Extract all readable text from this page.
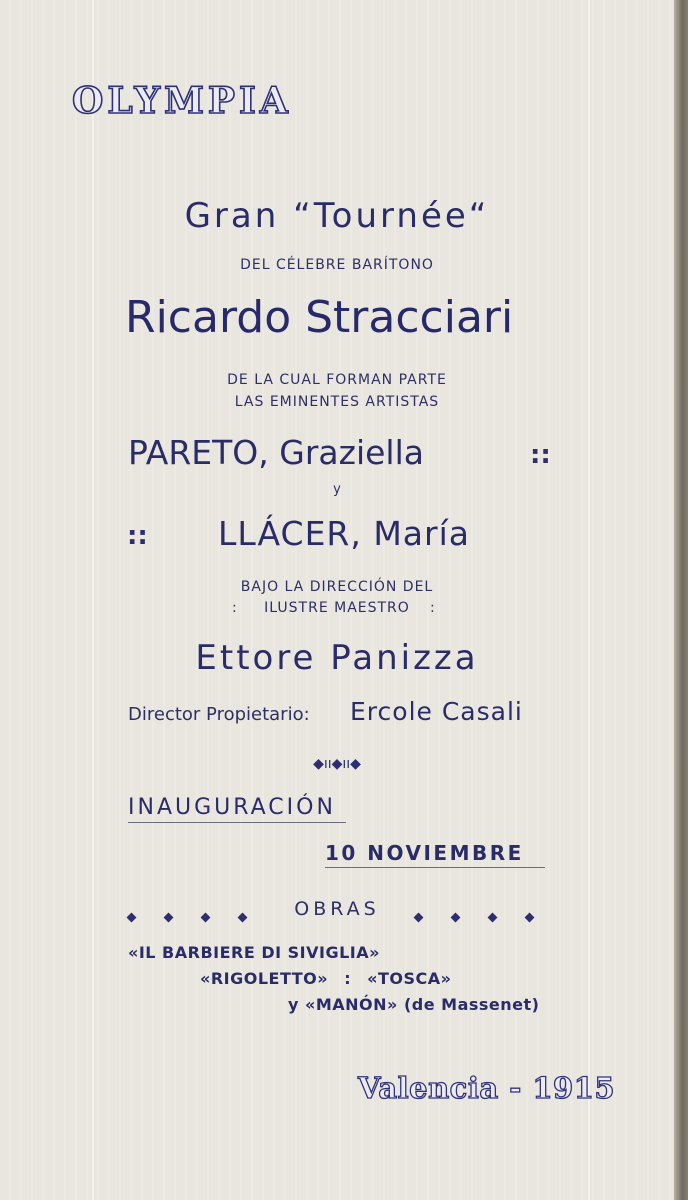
OLYMPIA
Gran “Tournée“
DEL CÉLEBRE BARÍTONO
Ricardo Stracciari
DE LA CUAL FORMAN PARTE
LAS EMINENTES ARTISTAS
PARETO, Graziella	::
y
:: LLÁCER, María
BAJO LA DIRECCIÓN DEL
:	ILUSTRE MAESTRO	:
Ettore Panizza
Director Propietario: Ercole Casali
◆ıı◆ıı◆
INAUGURACIÓN
10 NOVIEMBRE
OBRAS
«IL BARBIERE DI SIVIGLIA»
«RIGOLETTO» : «TOSCA»
y «MANÓN» (de Massenet)
Valencia - 1915
